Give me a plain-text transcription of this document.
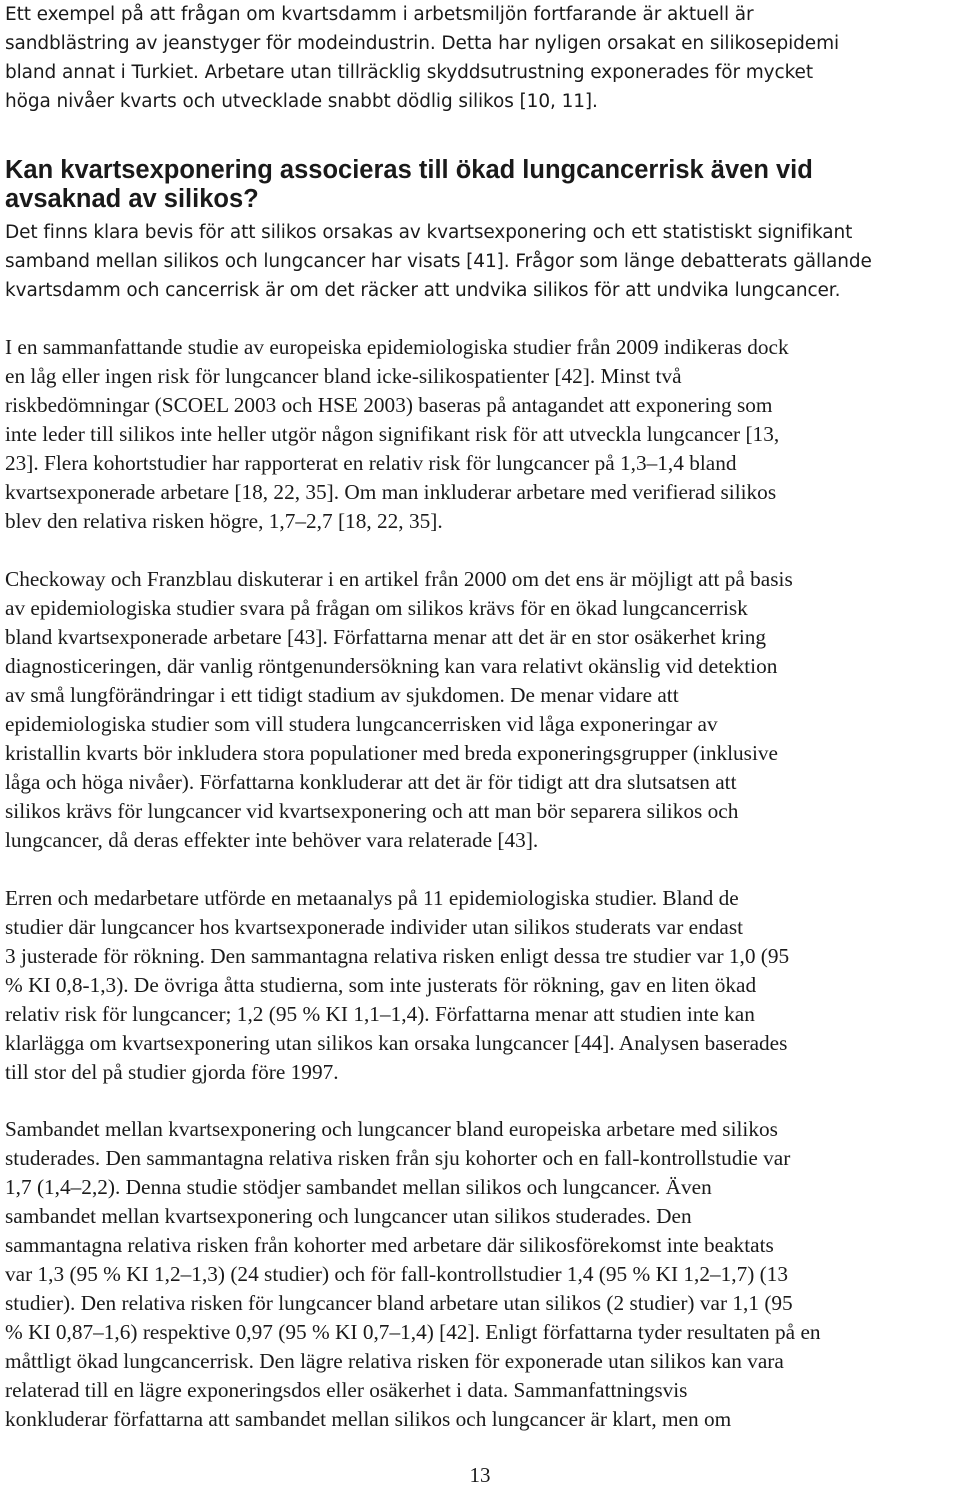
Ett exempel på att frågan om kvartsdamm i arbetsmiljön fortfarande är aktuell är
sandblästring av jeanstyger för modeindustrin. Detta har nyligen orsakat en silikosepidemi
bland annat i Turkiet. Arbetare utan tillräcklig skyddsutrustning exponerades för mycket
höga nivåer kvarts och utvecklade snabbt dödlig silikos [10, 11].

Kan kvartsexponering associeras till ökad lungcancerrisk även vid
avsaknad av silikos?

Det finns klara bevis för att silikos orsakas av kvartsexponering och ett statistiskt signifikant
samband mellan silikos och lungcancer har visats [41]. Frågor som länge debatterats gällande
kvartsdamm och cancerrisk är om det räcker att undvika silikos för att undvika lungcancer.

I en sammanfattande studie av europeiska epidemiologiska studier från 2009 indikeras dock
en låg eller ingen risk för lungcancer bland icke-silikospatienter [42]. Minst två
riskbedömningar (SCOEL 2003 och HSE 2003) baseras på antagandet att exponering som
inte leder till silikos inte heller utgör någon signifikant risk för att utveckla lungcancer [13,
23]. Flera kohortstudier har rapporterat en relativ risk för lungcancer på 1,3–1,4 bland
kvartsexponerade arbetare [18, 22, 35]. Om man inkluderar arbetare med verifierad silikos
blev den relativa risken högre, 1,7–2,7 [18, 22, 35].

Checkoway och Franzblau diskuterar i en artikel från 2000 om det ens är möjligt att på basis
av epidemiologiska studier svara på frågan om silikos krävs för en ökad lungcancerrisk
bland kvartsexponerade arbetare [43]. Författarna menar att det är en stor osäkerhet kring
diagnosticeringen, där vanlig röntgenundersökning kan vara relativt okänslig vid detektion
av små lungförändringar i ett tidigt stadium av sjukdomen. De menar vidare att
epidemiologiska studier som vill studera lungcancerrisken vid låga exponeringar av
kristallin kvarts bör inkludera stora populationer med breda exponeringsgrupper (inklusive
låga och höga nivåer). Författarna konkluderar att det är för tidigt att dra slutsatsen att
silikos krävs för lungcancer vid kvartsexponering och att man bör separera silikos och
lungcancer, då deras effekter inte behöver vara relaterade [43].

Erren och medarbetare utförde en metaanalys på 11 epidemiologiska studier. Bland de
studier där lungcancer hos kvartsexponerade individer utan silikos studerats var endast
3 justerade för rökning. Den sammantagna relativa risken enligt dessa tre studier var 1,0 (95
% KI 0,8-1,3). De övriga åtta studierna, som inte justerats för rökning, gav en liten ökad
relativ risk för lungcancer; 1,2 (95 % KI 1,1–1,4). Författarna menar att studien inte kan
klarlägga om kvartsexponering utan silikos kan orsaka lungcancer [44]. Analysen baserades
till stor del på studier gjorda före 1997.

Sambandet mellan kvartsexponering och lungcancer bland europeiska arbetare med silikos
studerades. Den sammantagna relativa risken från sju kohorter och en fall-kontrollstudie var
1,7 (1,4–2,2). Denna studie stödjer sambandet mellan silikos och lungcancer. Även
sambandet mellan kvartsexponering och lungcancer utan silikos studerades. Den
sammantagna relativa risken från kohorter med arbetare där silikosförekomst inte beaktats
var 1,3 (95 % KI 1,2–1,3) (24 studier) och för fall-kontrollstudier 1,4 (95 % KI 1,2–1,7) (13
studier). Den relativa risken för lungcancer bland arbetare utan silikos (2 studier) var 1,1 (95
% KI 0,87–1,6) respektive 0,97 (95 % KI 0,7–1,4) [42]. Enligt författarna tyder resultaten på en
måttligt ökad lungcancerrisk. Den lägre relativa risken för exponerade utan silikos kan vara
relaterad till en lägre exponeringsdos eller osäkerhet i data. Sammanfattningsvis
konkluderar författarna att sambandet mellan silikos och lungcancer är klart, men om

13
